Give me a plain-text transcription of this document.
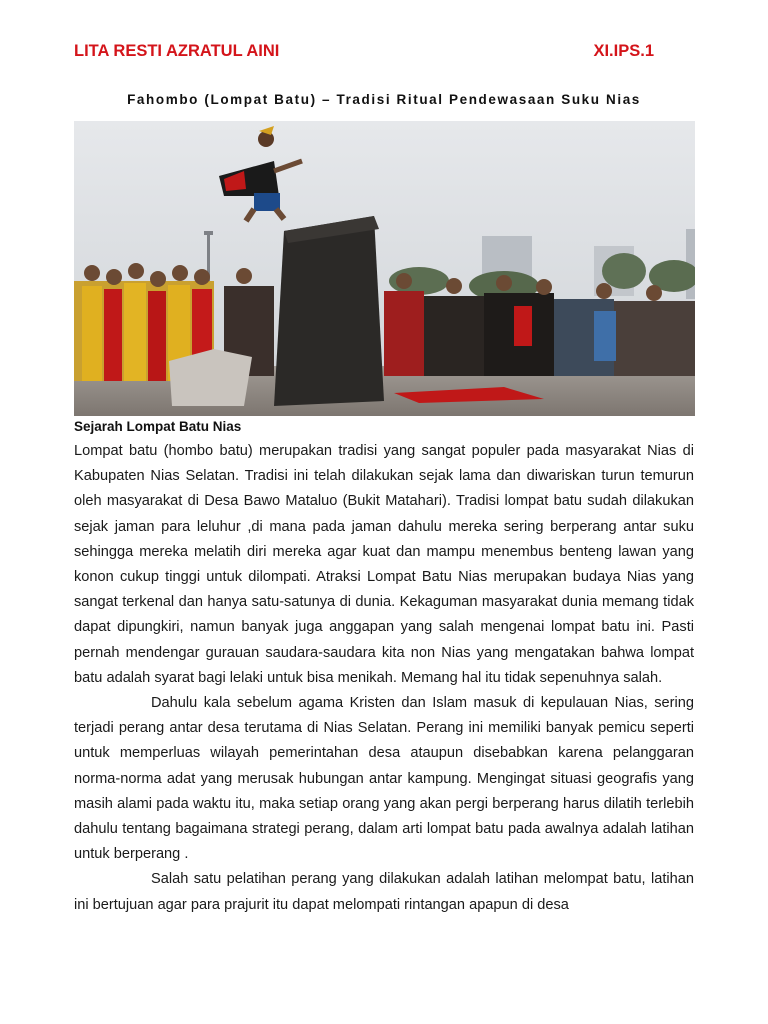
LITA RESTI AZRATUL AINI	XI.IPS.1
Fahombo (Lompat Batu) – Tradisi Ritual Pendewasaan Suku Nias
Sejarah Lompat Batu Nias

Lompat batu (hombo batu) merupakan tradisi yang sangat populer pada masyarakat Nias di Kabupaten Nias Selatan. Tradisi ini telah dilakukan sejak lama dan diwariskan turun temurun oleh masyarakat di Desa Bawo Mataluo (Bukit Matahari). Tradisi lompat batu sudah dilakukan sejak jaman para leluhur ,di mana pada jaman dahulu mereka sering berperang antar suku sehingga mereka melatih diri mereka agar kuat dan mampu menembus benteng lawan yang konon cukup tinggi untuk dilompati. Atraksi Lompat Batu Nias merupakan budaya Nias yang sangat terkenal dan hanya satu-satunya di dunia. Kekaguman masyarakat dunia memang tidak dapat dipungkiri, namun banyak juga anggapan yang salah mengenai lompat batu ini. Pasti pernah mendengar gurauan saudara-saudara kita non Nias yang mengatakan bahwa lompat batu adalah syarat bagi lelaki untuk bisa menikah. Memang hal itu tidak sepenuhnya salah.

Dahulu kala sebelum agama Kristen dan Islam masuk di kepulauan Nias, sering terjadi perang antar desa terutama di Nias Selatan. Perang ini memiliki banyak pemicu seperti untuk memperluas wilayah pemerintahan desa ataupun disebabkan karena pelanggaran norma-norma adat yang merusak hubungan antar kampung. Mengingat situasi geografis yang masih alami pada waktu itu, maka setiap orang yang akan pergi berperang harus dilatih terlebih dahulu tentang bagaimana strategi perang, dalam arti lompat batu pada awalnya adalah latihan untuk berperang .

Salah satu pelatihan perang yang dilakukan adalah latihan melompat batu, latihan ini bertujuan agar para prajurit itu dapat melompati rintangan apapun di desa
